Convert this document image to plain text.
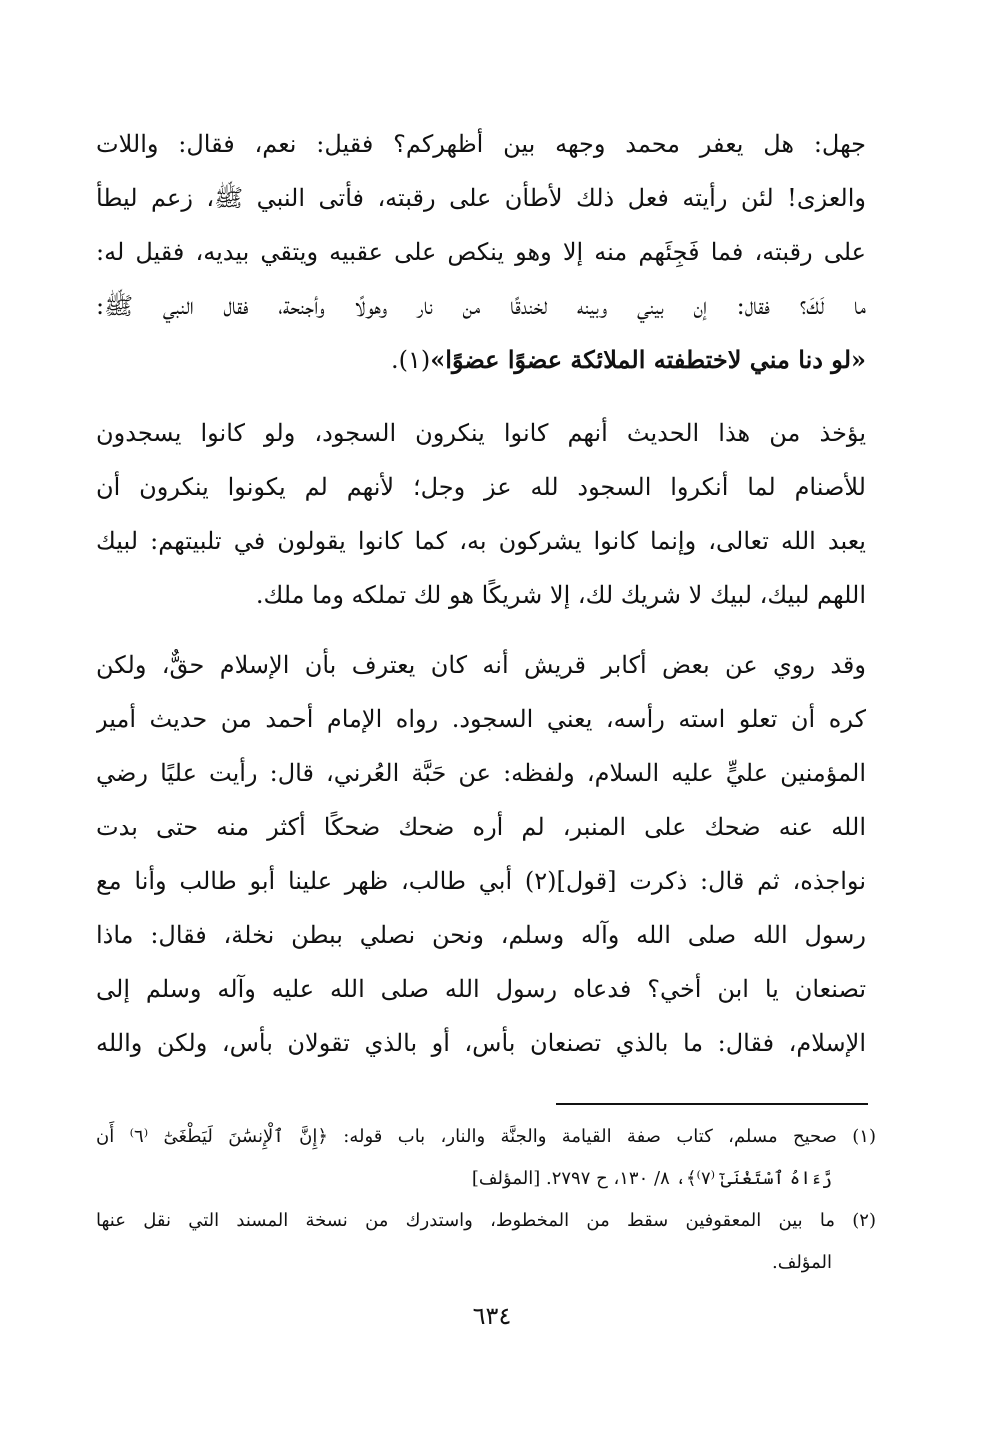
جهل: هل يعفر محمد وجهه بين أظهركم؟ فقيل: نعم، فقال: واللات
والعزى! لئن رأيته فعل ذلك لأطأن على رقبته، فأتى النبي ﷺ، زعم ليطأ
على رقبته، فما فَجِئَهم منه إلا وهو ينكص على عقبيه ويتقي بيديه، فقيل له:
ما لَكَ؟ فقال: إن بيني وبينه لخندقًا من نار وهولًا وأجنحة، فقال النبي ﷺ:
«لو دنا مني لاختطفته الملائكة عضوًا عضوًا»(١).
يؤخذ من هذا الحديث أنهم كانوا ينكرون السجود، ولو كانوا يسجدون
للأصنام لما أنكروا السجود لله عز وجل؛ لأنهم لم يكونوا ينكرون أن
يعبد الله تعالى، وإنما كانوا يشركون به، كما كانوا يقولون في تلبيتهم: لبيك
اللهم لبيك، لبيك لا شريك لك، إلا شريكًا هو لك تملكه وما ملك.
وقد روي عن بعض أكابر قريش أنه كان يعترف بأن الإسلام حقٌّ، ولكن
كره أن تعلو استه رأسه، يعني السجود. رواه الإمام أحمد من حديث أمير
المؤمنين عليٍّ عليه السلام، ولفظه: عن حَبَّة العُرني، قال: رأيت عليًا رضي
الله عنه ضحك على المنبر، لم أره ضحك ضحكًا أكثر منه حتى بدت
نواجذه، ثم قال: ذكرت [قول](٢) أبي طالب، ظهر علينا أبو طالب وأنا مع
رسول الله صلى الله وآله وسلم، ونحن نصلي ببطن نخلة، فقال: ماذا
تصنعان يا ابن أخي؟ فدعاه رسول الله صلى الله عليه وآله وسلم إلى
الإسلام، فقال: ما بالذي تصنعان بأس، أو بالذي تقولان بأس، ولكن والله
(١) صحيح مسلم، كتاب صفة القيامة والجنَّة والنار، باب قوله: ﴿إِنَّ ٱلْإِنسَٰنَ لَيَطْغَىٰٓ ⁽٦⁾ أَن
رَّءَاهُ ٱسْتَغْنَىٰٓ ⁽٧⁾﴾، ٨/ ١٣٠، ح ٢٧٩٧. [المؤلف]
(٢) ما بين المعقوفين سقط من المخطوط، واستدرك من نسخة المسند التي نقل عنها
المؤلف.
٦٣٤
